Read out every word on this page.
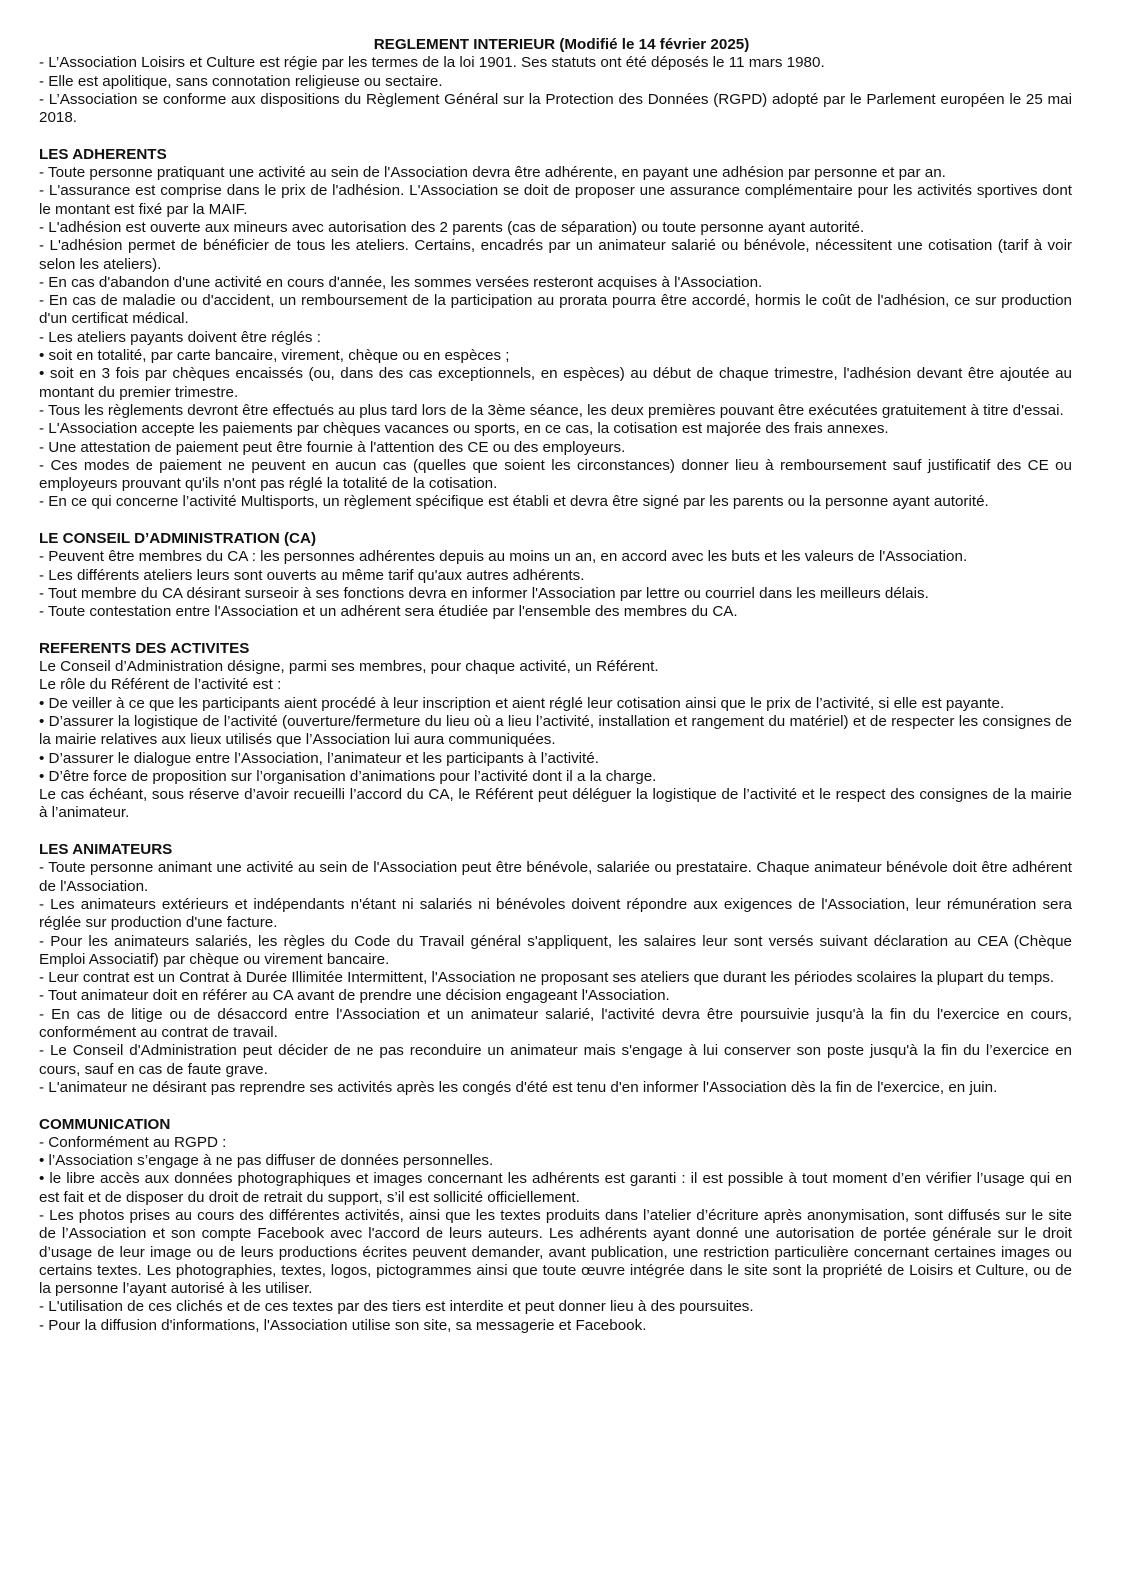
REGLEMENT INTERIEUR (Modifié le 14 février 2025)

- L’Association Loisirs et Culture est régie par les termes de la loi 1901. Ses statuts ont été déposés le 11 mars 1980.

- Elle est apolitique, sans connotation religieuse ou sectaire.

- L’Association se conforme aux dispositions du Règlement Général sur la Protection des Données (RGPD) adopté par le Parlement européen le 25 mai 2018.

LES ADHERENTS

- Toute personne pratiquant une activité au sein de l'Association devra être adhérente, en payant une adhésion par personne et par an.

- L'assurance est comprise dans le prix de l'adhésion. L'Association se doit de proposer une assurance complémentaire pour les activités sportives dont le montant est fixé par la MAIF.

- L'adhésion est ouverte aux mineurs avec autorisation des 2 parents (cas de séparation) ou toute personne ayant autorité.

- L'adhésion permet de bénéficier de tous les ateliers. Certains, encadrés par un animateur salarié ou bénévole, nécessitent une cotisation (tarif à voir selon les ateliers).

- En cas d'abandon d'une activité en cours d'année, les sommes versées resteront acquises à l'Association.

- En cas de maladie ou d'accident, un remboursement de la participation au prorata pourra être accordé, hormis le coût de l'adhésion, ce sur production d'un certificat médical.

- Les ateliers payants doivent être réglés :

• soit en totalité, par carte bancaire, virement, chèque ou en espèces ;

• soit en 3 fois par chèques encaissés (ou, dans des cas exceptionnels, en espèces) au début de chaque trimestre, l'adhésion devant être ajoutée au montant du premier trimestre.

- Tous les règlements devront être effectués au plus tard lors de la 3ème séance, les deux premières pouvant être exécutées gratuitement à titre d'essai.

- L'Association accepte les paiements par chèques vacances ou sports, en ce cas, la cotisation est majorée des frais annexes.

- Une attestation de paiement peut être fournie à l'attention des CE ou des employeurs.

- Ces modes de paiement ne peuvent en aucun cas (quelles que soient les circonstances) donner lieu à remboursement sauf justificatif des CE ou employeurs prouvant qu'ils n'ont pas réglé la totalité de la cotisation.

- En ce qui concerne l’activité Multisports, un règlement spécifique est établi et devra être signé par les parents ou la personne ayant autorité.

LE CONSEIL D’ADMINISTRATION (CA)

- Peuvent être membres du CA : les personnes adhérentes depuis au moins un an, en accord avec les buts et les valeurs de l'Association.

- Les différents ateliers leurs sont ouverts au même tarif qu'aux autres adhérents.

- Tout membre du CA désirant surseoir à ses fonctions devra en informer l'Association par lettre ou courriel dans les meilleurs délais.

- Toute contestation entre l'Association et un adhérent sera étudiée par l'ensemble des membres du CA.

REFERENTS DES ACTIVITES

Le Conseil d’Administration désigne, parmi ses membres, pour chaque activité, un Référent.

Le rôle du Référent de l’activité est :

• De veiller à ce que les participants aient procédé à leur inscription et aient réglé leur cotisation ainsi que le prix de l’activité, si elle est payante.

• D’assurer la logistique de l’activité (ouverture/fermeture du lieu où a lieu l’activité, installation et rangement du matériel) et de respecter les consignes de la mairie relatives aux lieux utilisés que l’Association lui aura communiquées.

• D’assurer le dialogue entre l’Association, l’animateur et les participants à l’activité.

• D’être force de proposition sur l’organisation d’animations pour l’activité dont il a la charge.

Le cas échéant, sous réserve d’avoir recueilli l’accord du CA, le Référent peut déléguer la logistique de l’activité et le respect des consignes de la mairie à l’animateur.

LES ANIMATEURS

- Toute personne animant une activité au sein de l'Association peut être bénévole, salariée ou prestataire. Chaque animateur bénévole doit être adhérent de l'Association.

- Les animateurs extérieurs et indépendants n'étant ni salariés ni bénévoles doivent répondre aux exigences de l'Association, leur rémunération sera réglée sur production d'une facture.

- Pour les animateurs salariés, les règles du Code du Travail général s'appliquent, les salaires leur sont versés suivant déclaration au CEA (Chèque Emploi Associatif) par chèque ou virement bancaire.

- Leur contrat est un Contrat à Durée Illimitée Intermittent, l'Association ne proposant ses ateliers que durant les périodes scolaires la plupart du temps.

- Tout animateur doit en référer au CA avant de prendre une décision engageant l'Association.

- En cas de litige ou de désaccord entre l'Association et un animateur salarié, l'activité devra être poursuivie jusqu'à la fin du l'exercice en cours, conformément au contrat de travail.

- Le Conseil d'Administration peut décider de ne pas reconduire un animateur mais s'engage à lui conserver son poste jusqu'à la fin du l’exercice en cours, sauf en cas de faute grave.

- L'animateur ne désirant pas reprendre ses activités après les congés d'été est tenu d'en informer l'Association dès la fin de l'exercice, en juin.

COMMUNICATION

- Conformément au RGPD :

• l’Association s’engage à ne pas diffuser de données personnelles.

• le libre accès aux données photographiques et images concernant les adhérents est garanti : il est possible à tout moment d’en vérifier l’usage qui en est fait et de disposer du droit de retrait du support, s’il est sollicité officiellement.

- Les photos prises au cours des différentes activités, ainsi que les textes produits dans l’atelier d’écriture après anonymisation, sont diffusés sur le site de l’Association et son compte Facebook avec l'accord de leurs auteurs. Les adhérents ayant donné une autorisation de portée générale sur le droit d’usage de leur image ou de leurs productions écrites peuvent demander, avant publication, une restriction particulière concernant certaines images ou certains textes. Les photographies, textes, logos, pictogrammes ainsi que toute œuvre intégrée dans le site sont la propriété de Loisirs et Culture, ou de la personne l’ayant autorisé à les utiliser.

- L'utilisation de ces clichés et de ces textes par des tiers est interdite et peut donner lieu à des poursuites.

- Pour la diffusion d'informations, l'Association utilise son site, sa messagerie et Facebook.
